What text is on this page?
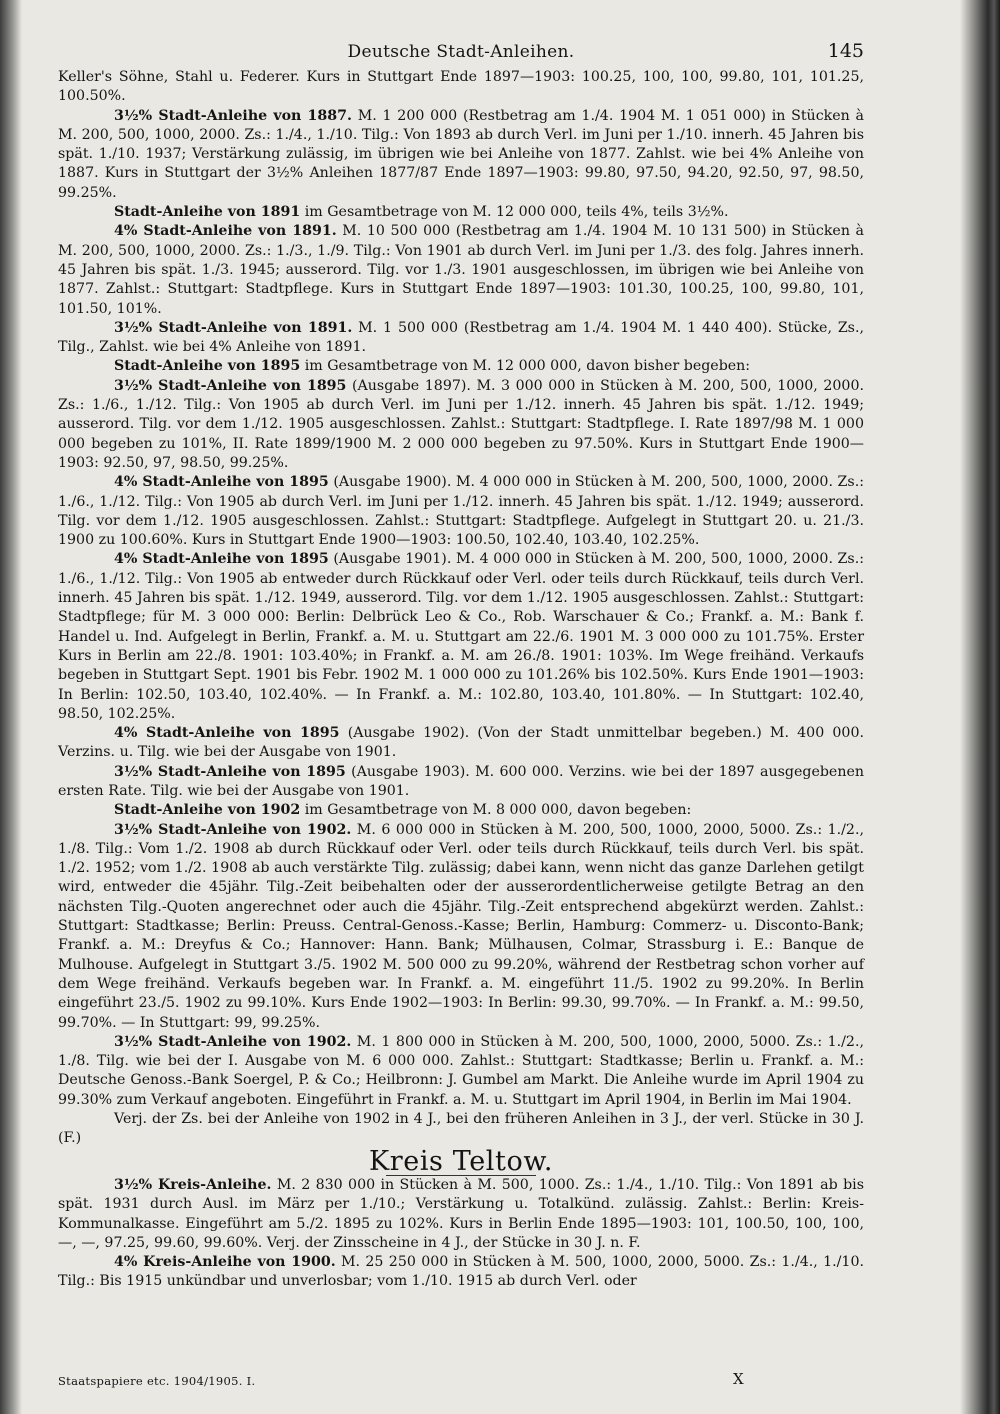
Deutsche Stadt-Anleihen.	145

Keller's Söhne, Stahl u. Federer. Kurs in Stuttgart Ende 1897—1903: 100.25, 100, 100, 99.80, 101, 101.25, 100.50%.

3½% Stadt-Anleihe von 1887. M. 1 200 000 (Restbetrag am 1./4. 1904 M. 1 051 000) in Stücken à M. 200, 500, 1000, 2000. Zs.: 1./4., 1./10. Tilg.: Von 1893 ab durch Verl. im Juni per 1./10. innerh. 45 Jahren bis spät. 1./10. 1937; Verstärkung zulässig, im übrigen wie bei Anleihe von 1877. Zahlst. wie bei 4% Anleihe von 1887. Kurs in Stuttgart der 3½% Anleihen 1877/87 Ende 1897—1903: 99.80, 97.50, 94.20, 92.50, 97, 98.50, 99.25%.

Stadt-Anleihe von 1891 im Gesamtbetrage von M. 12 000 000, teils 4%, teils 3½%.

4% Stadt-Anleihe von 1891. M. 10 500 000 (Restbetrag am 1./4. 1904 M. 10 131 500) in Stücken à M. 200, 500, 1000, 2000. Zs.: 1./3., 1./9. Tilg.: Von 1901 ab durch Verl. im Juni per 1./3. des folg. Jahres innerh. 45 Jahren bis spät. 1./3. 1945; ausserord. Tilg. vor 1./3. 1901 ausgeschlossen, im übrigen wie bei Anleihe von 1877. Zahlst.: Stuttgart: Stadtpflege. Kurs in Stuttgart Ende 1897—1903: 101.30, 100.25, 100, 99.80, 101, 101.50, 101%.

3½% Stadt-Anleihe von 1891. M. 1 500 000 (Restbetrag am 1./4. 1904 M. 1 440 400). Stücke, Zs., Tilg., Zahlst. wie bei 4% Anleihe von 1891.

Stadt-Anleihe von 1895 im Gesamtbetrage von M. 12 000 000, davon bisher begeben:

3½% Stadt-Anleihe von 1895 (Ausgabe 1897). M. 3 000 000 in Stücken à M. 200, 500, 1000, 2000. Zs.: 1./6., 1./12. Tilg.: Von 1905 ab durch Verl. im Juni per 1./12. innerh. 45 Jahren bis spät. 1./12. 1949; ausserord. Tilg. vor dem 1./12. 1905 ausgeschlossen. Zahlst.: Stuttgart: Stadtpflege. I. Rate 1897/98 M. 1 000 000 begeben zu 101%, II. Rate 1899/1900 M. 2 000 000 begeben zu 97.50%. Kurs in Stuttgart Ende 1900—1903: 92.50, 97, 98.50, 99.25%.

4% Stadt-Anleihe von 1895 (Ausgabe 1900). M. 4 000 000 in Stücken à M. 200, 500, 1000, 2000. Zs.: 1./6., 1./12. Tilg.: Von 1905 ab durch Verl. im Juni per 1./12. innerh. 45 Jahren bis spät. 1./12. 1949; ausserord. Tilg. vor dem 1./12. 1905 ausgeschlossen. Zahlst.: Stuttgart: Stadtpflege. Aufgelegt in Stuttgart 20. u. 21./3. 1900 zu 100.60%. Kurs in Stuttgart Ende 1900—1903: 100.50, 102.40, 103.40, 102.25%.

4% Stadt-Anleihe von 1895 (Ausgabe 1901). M. 4 000 000 in Stücken à M. 200, 500, 1000, 2000. Zs.: 1./6., 1./12. Tilg.: Von 1905 ab entweder durch Rückkauf oder Verl. oder teils durch Rückkauf, teils durch Verl. innerh. 45 Jahren bis spät. 1./12. 1949, ausserord. Tilg. vor dem 1./12. 1905 ausgeschlossen. Zahlst.: Stuttgart: Stadtpflege; für M. 3 000 000: Berlin: Delbrück Leo & Co., Rob. Warschauer & Co.; Frankf. a. M.: Bank f. Handel u. Ind. Aufgelegt in Berlin, Frankf. a. M. u. Stuttgart am 22./6. 1901 M. 3 000 000 zu 101.75%. Erster Kurs in Berlin am 22./8. 1901: 103.40%; in Frankf. a. M. am 26./8. 1901: 103%. Im Wege freihänd. Verkaufs begeben in Stuttgart Sept. 1901 bis Febr. 1902 M. 1 000 000 zu 101.26% bis 102.50%. Kurs Ende 1901—1903: In Berlin: 102.50, 103.40, 102.40%. — In Frankf. a. M.: 102.80, 103.40, 101.80%. — In Stuttgart: 102.40, 98.50, 102.25%.

4% Stadt-Anleihe von 1895 (Ausgabe 1902). (Von der Stadt unmittelbar begeben.) M. 400 000. Verzins. u. Tilg. wie bei der Ausgabe von 1901.

3½% Stadt-Anleihe von 1895 (Ausgabe 1903). M. 600 000. Verzins. wie bei der 1897 ausgegebenen ersten Rate. Tilg. wie bei der Ausgabe von 1901.

Stadt-Anleihe von 1902 im Gesamtbetrage von M. 8 000 000, davon begeben:

3½% Stadt-Anleihe von 1902. M. 6 000 000 in Stücken à M. 200, 500, 1000, 2000, 5000. Zs.: 1./2., 1./8. Tilg.: Vom 1./2. 1908 ab durch Rückkauf oder Verl. oder teils durch Rückkauf, teils durch Verl. bis spät. 1./2. 1952; vom 1./2. 1908 ab auch verstärkte Tilg. zulässig; dabei kann, wenn nicht das ganze Darlehen getilgt wird, entweder die 45jähr. Tilg.-Zeit beibehalten oder der ausserordentlicherweise getilgte Betrag an den nächsten Tilg.-Quoten angerechnet oder auch die 45jähr. Tilg.-Zeit entsprechend abgekürzt werden. Zahlst.: Stuttgart: Stadtkasse; Berlin: Preuss. Central-Genoss.-Kasse; Berlin, Hamburg: Commerz- u. Disconto-Bank; Frankf. a. M.: Dreyfus & Co.; Hannover: Hann. Bank; Mülhausen, Colmar, Strassburg i. E.: Banque de Mulhouse. Aufgelegt in Stuttgart 3./5. 1902 M. 500 000 zu 99.20%, während der Restbetrag schon vorher auf dem Wege freihänd. Verkaufs begeben war. In Frankf. a. M. eingeführt 11./5. 1902 zu 99.20%. In Berlin eingeführt 23./5. 1902 zu 99.10%. Kurs Ende 1902—1903: In Berlin: 99.30, 99.70%. — In Frankf. a. M.: 99.50, 99.70%. — In Stuttgart: 99, 99.25%.

3½% Stadt-Anleihe von 1902. M. 1 800 000 in Stücken à M. 200, 500, 1000, 2000, 5000. Zs.: 1./2., 1./8. Tilg. wie bei der I. Ausgabe von M. 6 000 000. Zahlst.: Stuttgart: Stadtkasse; Berlin u. Frankf. a. M.: Deutsche Genoss.-Bank Soergel, P. & Co.; Heilbronn: J. Gumbel am Markt. Die Anleihe wurde im April 1904 zu 99.30% zum Verkauf angeboten. Eingeführt in Frankf. a. M. u. Stuttgart im April 1904, in Berlin im Mai 1904.

Verj. der Zs. bei der Anleihe von 1902 in 4 J., bei den früheren Anleihen in 3 J., der verl. Stücke in 30 J. (F.)

Kreis Teltow.

3½% Kreis-Anleihe. M. 2 830 000 in Stücken à M. 500, 1000. Zs.: 1./4., 1./10. Tilg.: Von 1891 ab bis spät. 1931 durch Ausl. im März per 1./10.; Verstärkung u. Totalkünd. zulässig. Zahlst.: Berlin: Kreis-Kommunalkasse. Eingeführt am 5./2. 1895 zu 102%. Kurs in Berlin Ende 1895—1903: 101, 100.50, 100, 100, —, —, 97.25, 99.60, 99.60%. Verj. der Zinsscheine in 4 J., der Stücke in 30 J. n. F.

4% Kreis-Anleihe von 1900. M. 25 250 000 in Stücken à M. 500, 1000, 2000, 5000. Zs.: 1./4., 1./10. Tilg.: Bis 1915 unkündbar und unverlosbar; vom 1./10. 1915 ab durch Verl. oder

Staatspapiere etc. 1904/1905. I.	X
